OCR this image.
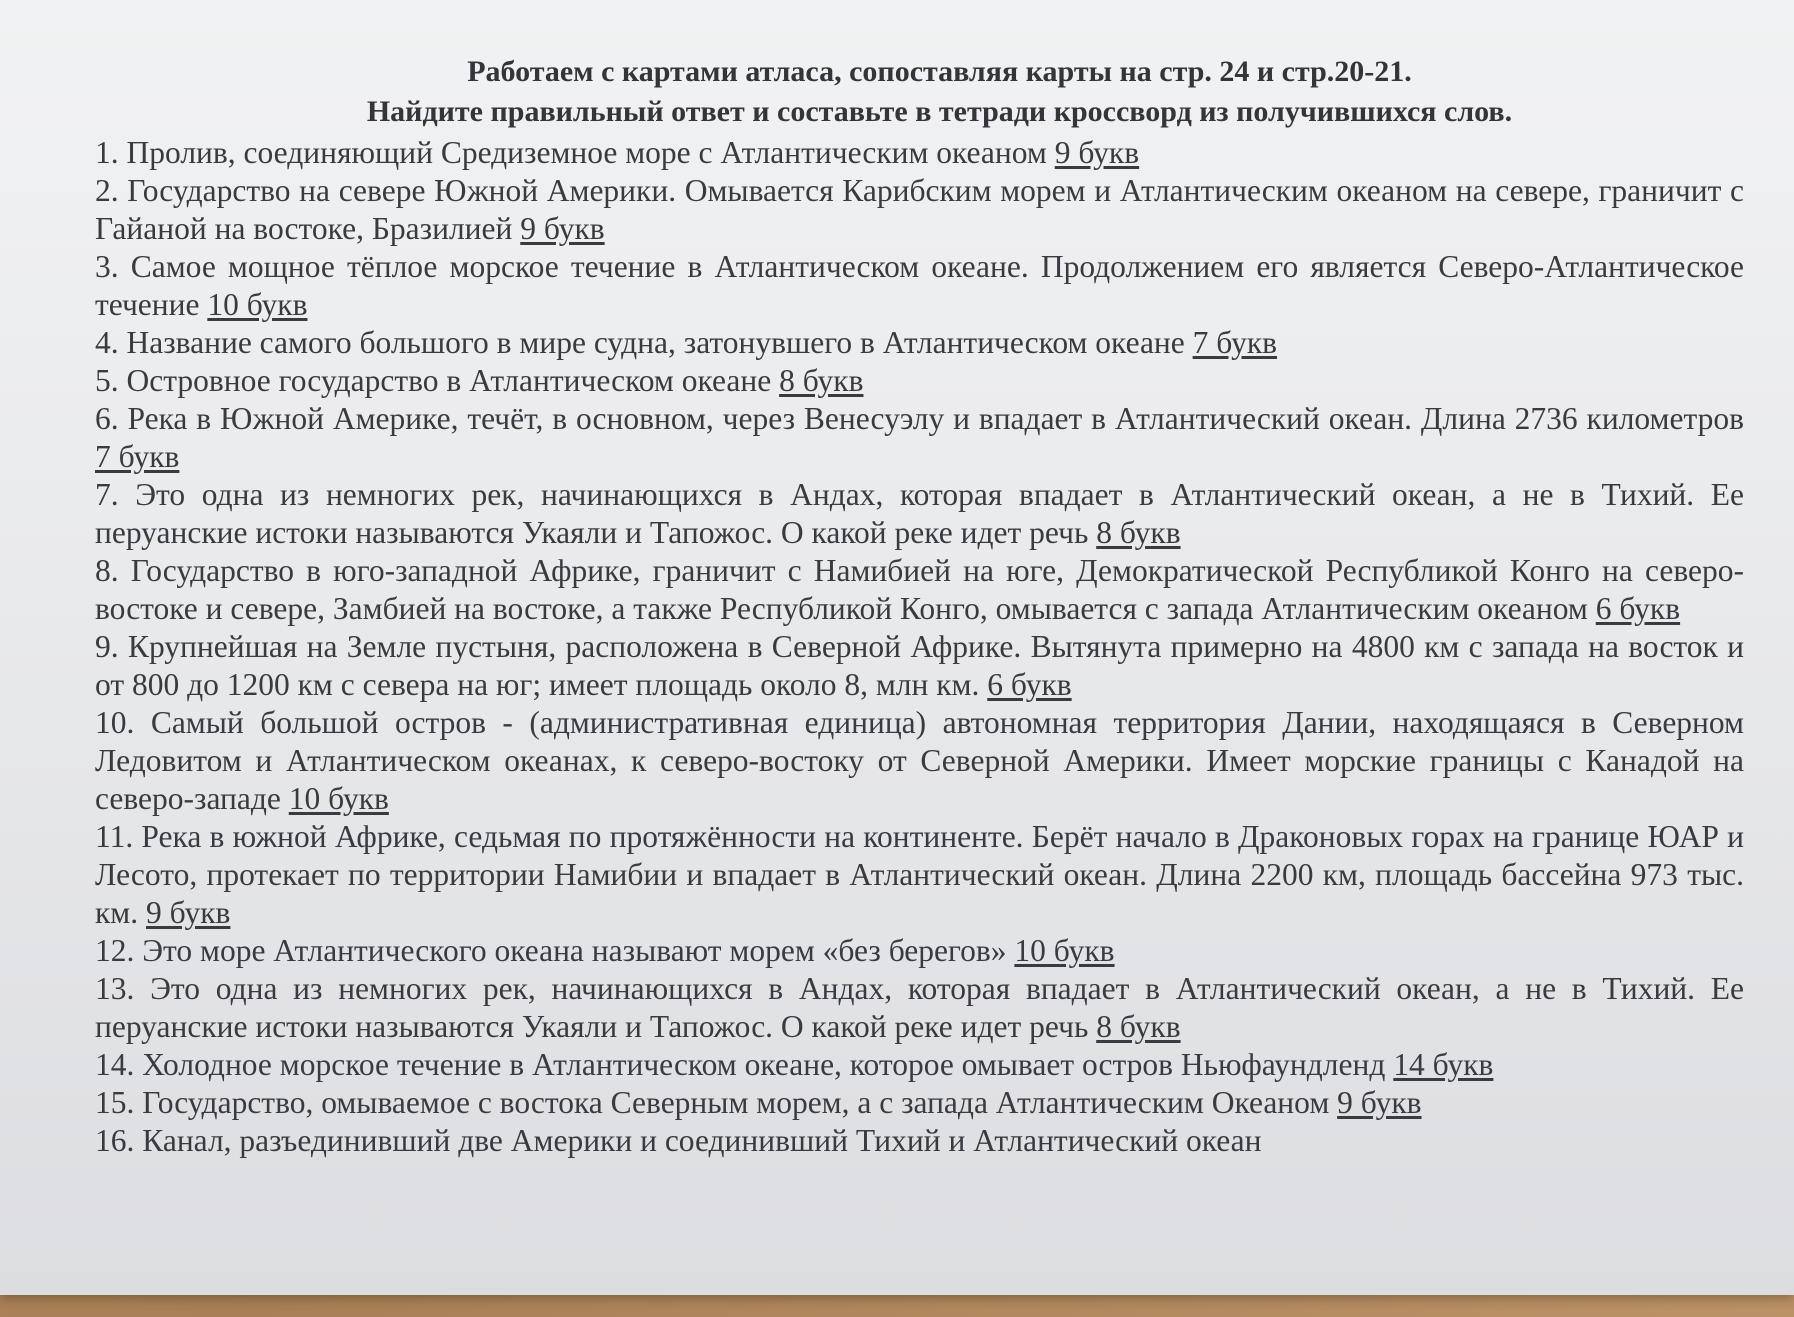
Работаем с картами атласа, сопоставляя карты на стр. 24 и стр.20-21.

Найдите правильный ответ и составьте в тетради кроссворд из получившихся слов.

1. Пролив, соединяющий Средиземное море с Атлантическим океаном 9 букв

2. Государство на севере Южной Америки. Омывается Карибским морем и Атлантическим океаном на севере, граничит с Гайаной на востоке, Бразилией 9 букв

3. Самое мощное тёплое морское течение в Атлантическом океане. Продолжением его является Северо-Атлантическое течение 10 букв

4. Название самого большого в мире судна, затонувшего в Атлантическом океане 7 букв

5. Островное государство в Атлантическом океане 8 букв

6. Река в Южной Америке, течёт, в основном, через Венесуэлу и впадает в Атлантический океан. Длина 2736 километров 7 букв

7. Это одна из немногих рек, начинающихся в Андах, которая впадает в Атлантический океан, а не в Тихий. Ее перуанские истоки называются Укаяли и Тапожос. О какой реке идет речь 8 букв

8. Государство в юго-западной Африке, граничит с Намибией на юге, Демократической Республикой Конго на северо-востоке и севере, Замбией на востоке, а также Республикой Конго, омывается с запада Атлантическим океаном 6 букв

9. Крупнейшая на Земле пустыня, расположена в Северной Африке. Вытянута примерно на 4800 км с запада на восток и от 800 до 1200 км с севера на юг; имеет площадь около 8, млн км. 6 букв

10. Самый большой остров - (административная единица) автономная территория Дании, находящаяся в Северном Ледовитом и Атлантическом океанах, к северо-востоку от Северной Америки. Имеет морские границы с Канадой на северо-западе 10 букв

11. Река в южной Африке, седьмая по протяжённости на континенте. Берёт начало в Драконовых горах на границе ЮАР и Лесото, протекает по территории Намибии и впадает в Атлантический океан. Длина 2200 км, площадь бассейна 973 тыс. км. 9 букв

12. Это море Атлантического океана называют морем «без берегов» 10 букв

13. Это одна из немногих рек, начинающихся в Андах, которая впадает в Атлантический океан, а не в Тихий. Ее перуанские истоки называются Укаяли и Тапожос. О какой реке идет речь 8 букв

14. Холодное морское течение в Атлантическом океане, которое омывает остров Ньюфаундленд 14 букв

15. Государство, омываемое с востока Северным морем, а с запада Атлантическим Океаном 9 букв

16. Канал, разъединивший две Америки и соединивший Тихий и Атлантический океан
